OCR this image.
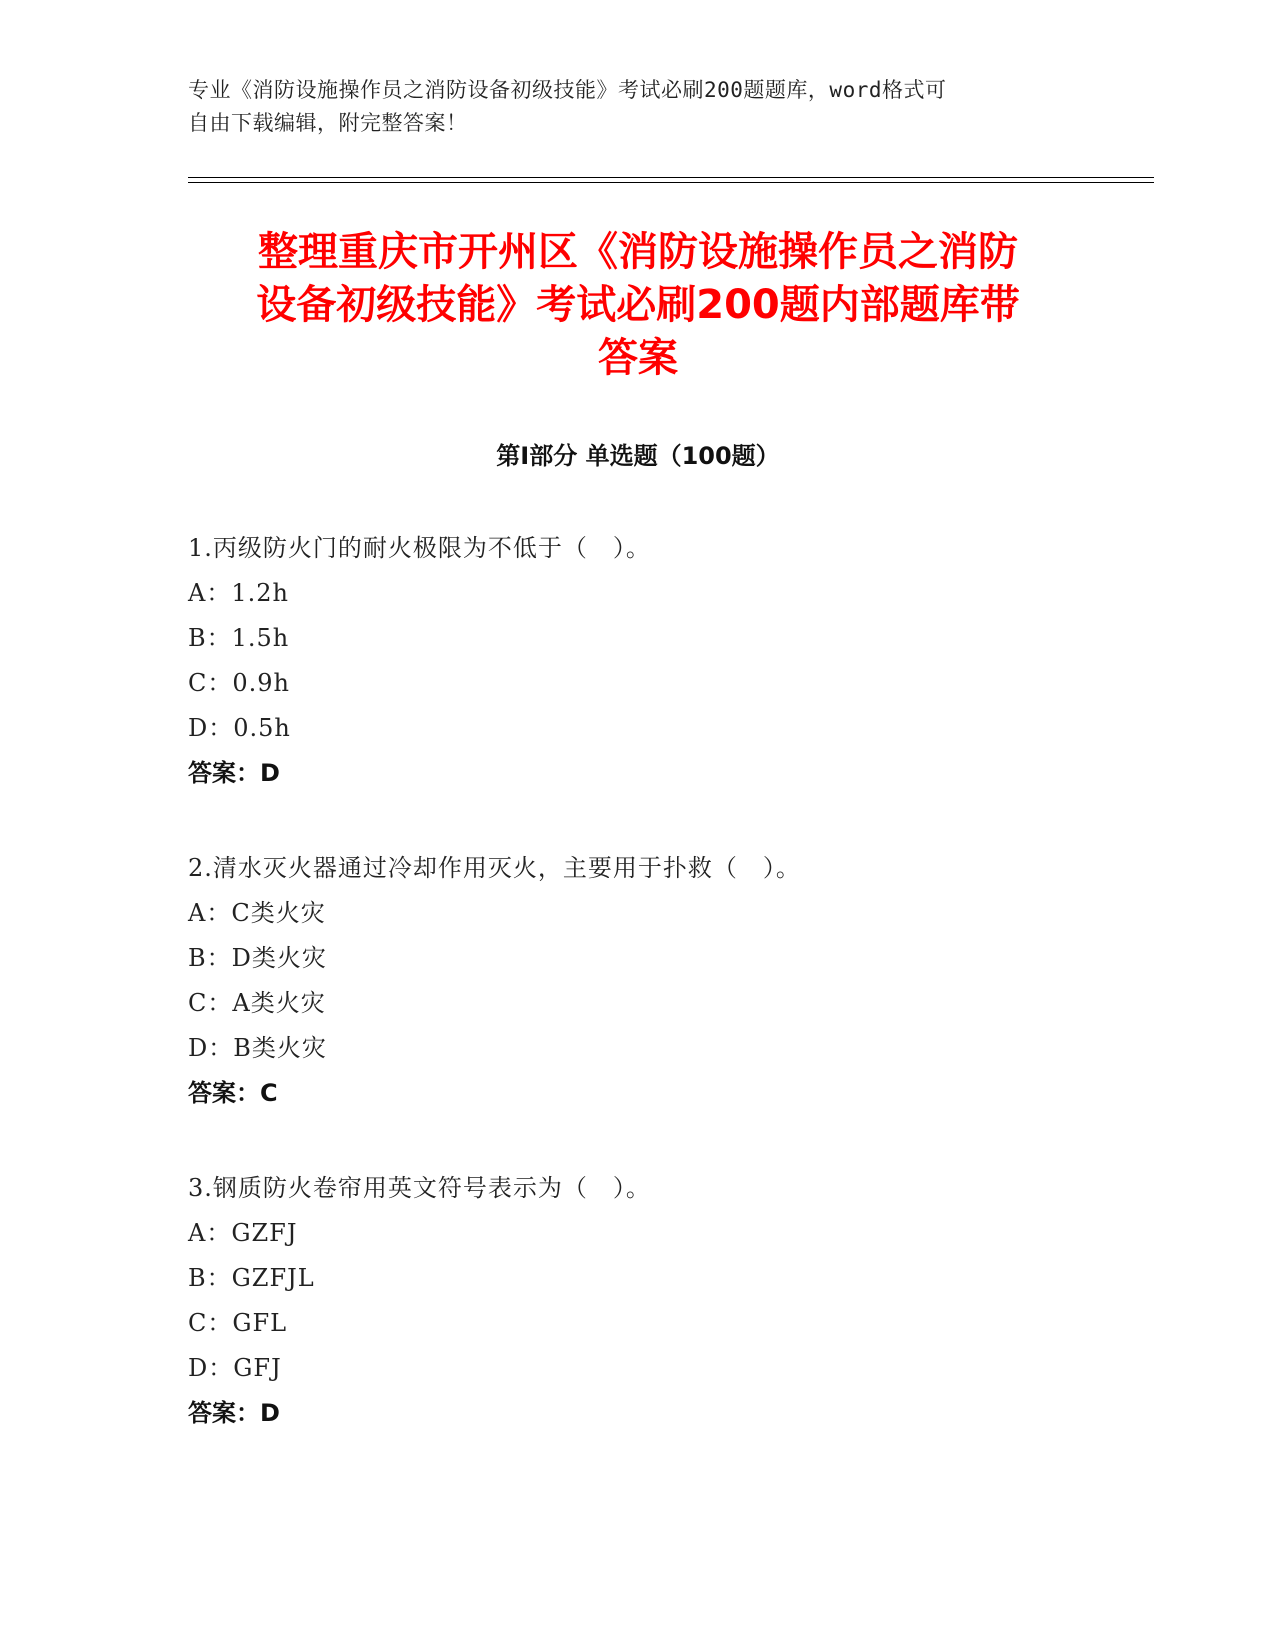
专业《消防设施操作员之消防设备初级技能》考试必刷200题题库，word格式可
自由下载编辑，附完整答案！
整理重庆市开州区《消防设施操作员之消防
设备初级技能》考试必刷200题内部题库带
答案
第Ⅰ部分 单选题（100题）
1.丙级防火门的耐火极限为不低于（　）。
A：1.2h
B：1.5h
C：0.9h
D：0.5h
答案：D
2.清水灭火器通过冷却作用灭火，主要用于扑救（　）。
A：C类火灾
B：D类火灾
C：A类火灾
D：B类火灾
答案：C
3.钢质防火卷帘用英文符号表示为（　）。
A：GZFJ
B：GZFJL
C：GFL
D：GFJ
答案：D
